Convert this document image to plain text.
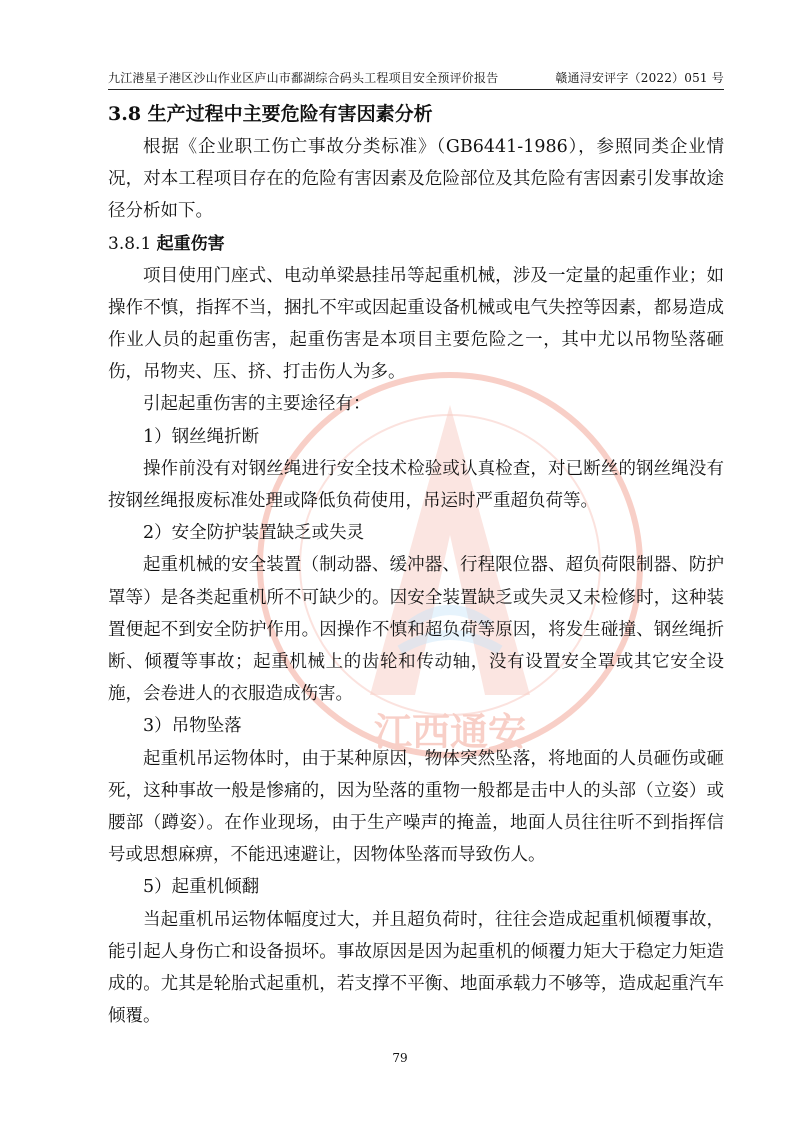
江西通安
九江港星子港区沙山作业区庐山市鄱湖综合码头工程项目安全预评价报告	赣通浔安评字（2022）051 号
3.8 生产过程中主要危险有害因素分析

根据《企业职工伤亡事故分类标准》（GB6441-1986），参照同类企业情况，对本工程项目存在的危险有害因素及危险部位及其危险有害因素引发事故途径分析如下。

3.8.1 起重伤害

项目使用门座式、电动单梁悬挂吊等起重机械，涉及一定量的起重作业；如操作不慎，指挥不当，捆扎不牢或因起重设备机械或电气失控等因素，都易造成作业人员的起重伤害，起重伤害是本项目主要危险之一，其中尤以吊物坠落砸伤，吊物夹、压、挤、打击伤人为多。

引起起重伤害的主要途径有：

1）钢丝绳折断

操作前没有对钢丝绳进行安全技术检验或认真检查，对已断丝的钢丝绳没有按钢丝绳报废标准处理或降低负荷使用，吊运时严重超负荷等。

2）安全防护装置缺乏或失灵

起重机械的安全装置（制动器、缓冲器、行程限位器、超负荷限制器、防护罩等）是各类起重机所不可缺少的。因安全装置缺乏或失灵又未检修时，这种装置便起不到安全防护作用。因操作不慎和超负荷等原因，将发生碰撞、钢丝绳折断、倾覆等事故；起重机械上的齿轮和传动轴，没有设置安全罩或其它安全设施，会卷进人的衣服造成伤害。

3）吊物坠落

起重机吊运物体时，由于某种原因，物体突然坠落，将地面的人员砸伤或砸死，这种事故一般是惨痛的，因为坠落的重物一般都是击中人的头部（立姿）或腰部（蹲姿）。在作业现场，由于生产噪声的掩盖，地面人员往往听不到指挥信号或思想麻痹，不能迅速避让，因物体坠落而导致伤人。

5）起重机倾翻

当起重机吊运物体幅度过大，并且超负荷时，往往会造成起重机倾覆事故，能引起人身伤亡和设备损坏。事故原因是因为起重机的倾覆力矩大于稳定力矩造成的。尤其是轮胎式起重机，若支撑不平衡、地面承载力不够等，造成起重汽车倾覆。

79
